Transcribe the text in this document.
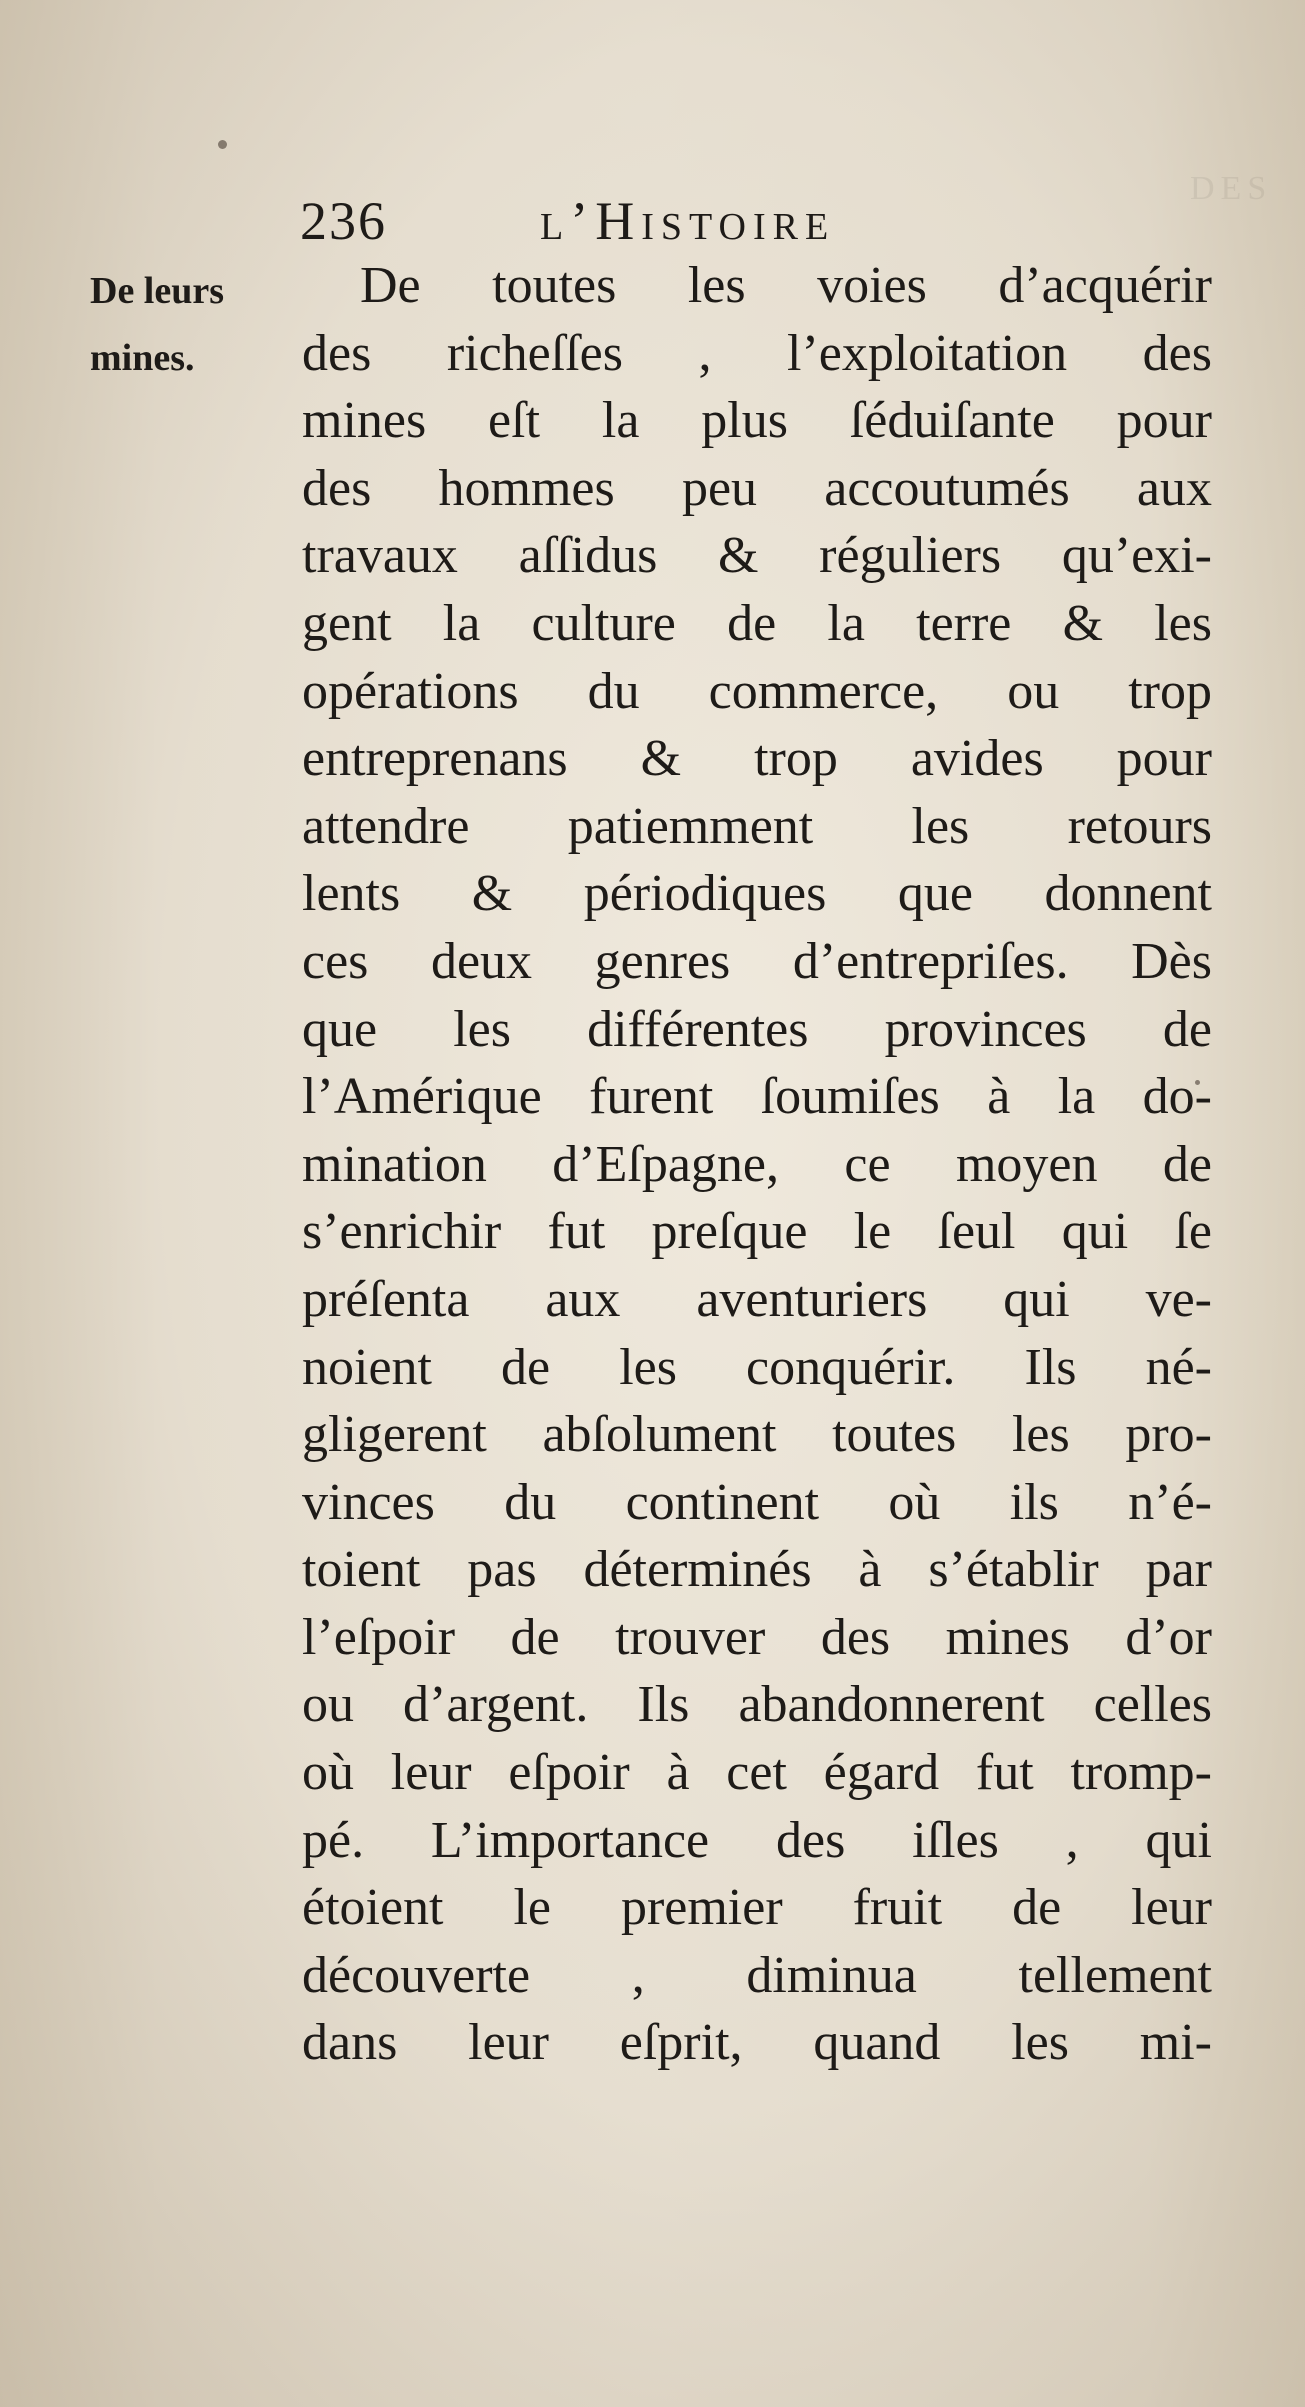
DES
236	l’Histoire
De leurs
mines.
De toutes les voies d’acquérir
des richeſſes , l’exploitation des
mines eſt la plus ſéduiſante pour
des hommes peu accoutumés aux
travaux aſſidus & réguliers qu’exi-
gent la culture de la terre & les
opérations du commerce, ou trop
entreprenans & trop avides pour
attendre patiemment les retours
lents & périodiques que donnent
ces deux genres d’entrepriſes. Dès
que les différentes provinces de
l’Amérique furent ſoumiſes à la do-
mination d’Eſpagne, ce moyen de
s’enrichir fut preſque le ſeul qui ſe
préſenta aux aventuriers qui ve-
noient de les conquérir. Ils né-
gligerent abſolument toutes les pro-
vinces du continent où ils n’é-
toient pas déterminés à s’établir par
l’eſpoir de trouver des mines d’or
ou d’argent. Ils abandonnerent celles
où leur eſpoir à cet égard fut tromp-
pé. L’importance des iſles , qui
étoient le premier fruit de leur
découverte , diminua tellement
dans leur eſprit, quand les mi-
